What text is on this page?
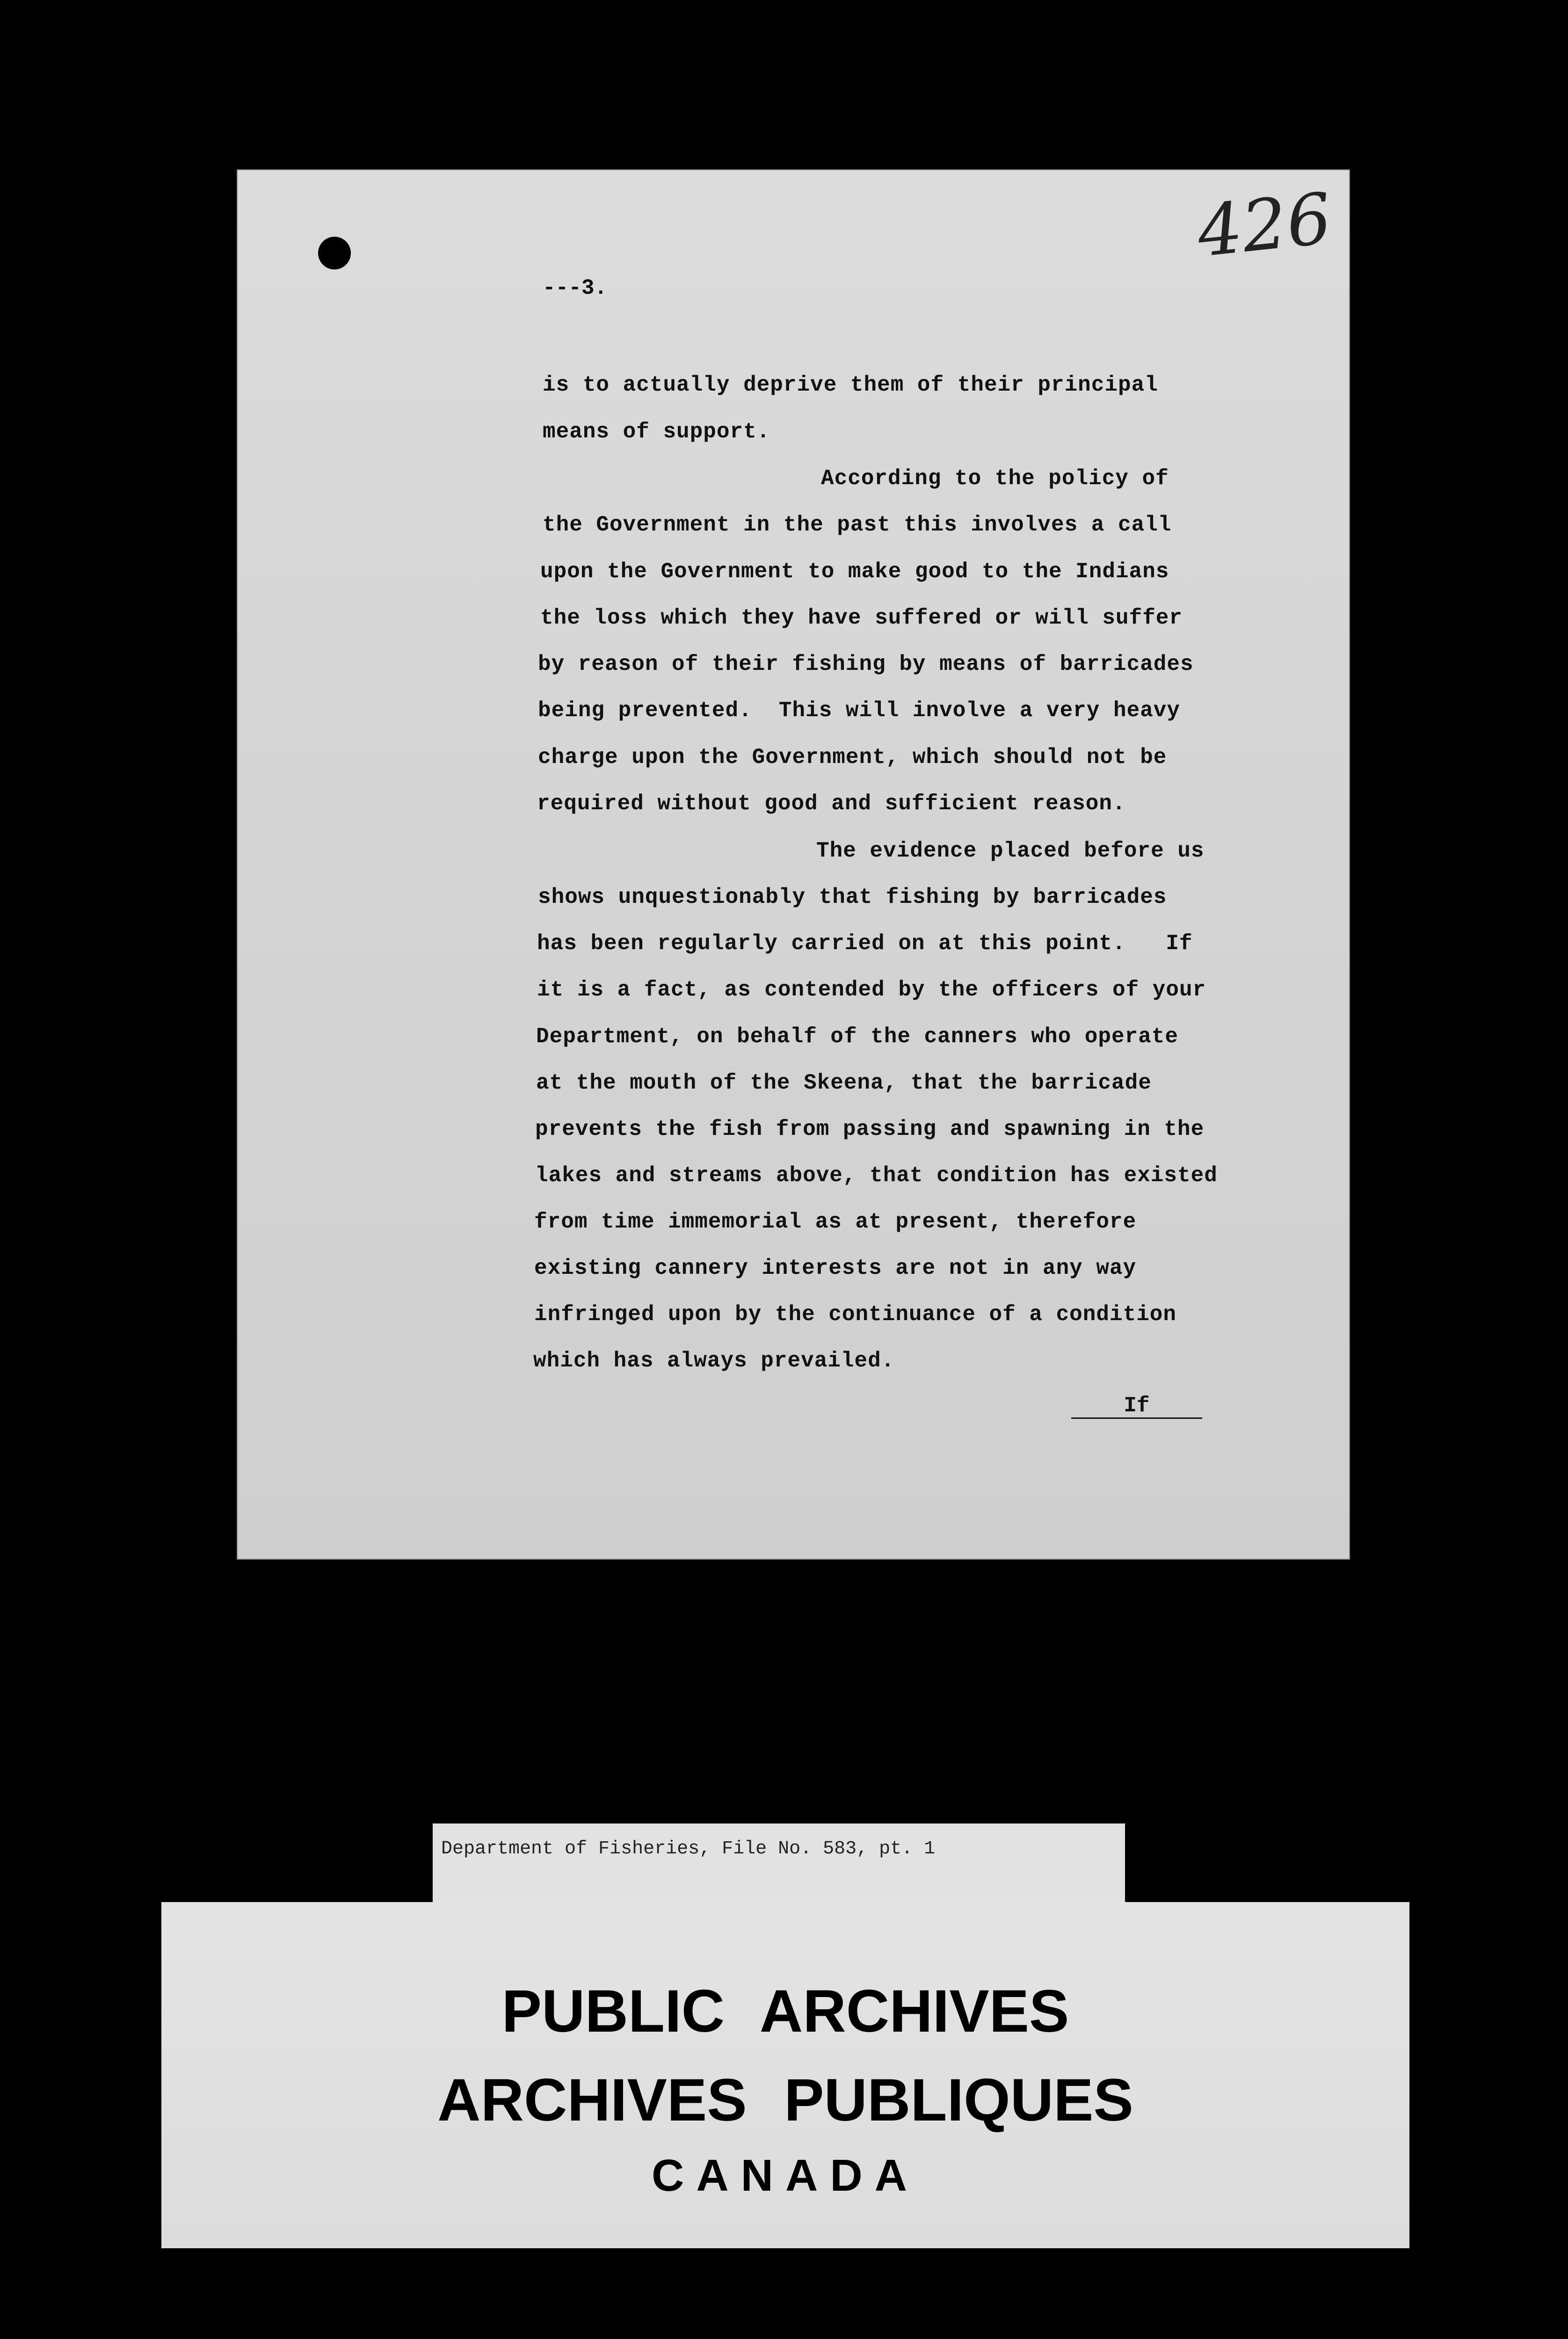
426
---3.
is to actually deprive them of their principal
means of support.
According to the policy of
the Government in the past this involves a call
upon the Government to make good to the Indians
the loss which they have suffered or will suffer
by reason of their fishing by means of barricades
being prevented.  This will involve a very heavy
charge upon the Government, which should not be
required without good and sufficient reason.
The evidence placed before us
shows unquestionably that fishing by barricades
has been regularly carried on at this point.   If
it is a fact, as contended by the officers of your
Department, on behalf of the canners who operate
at the mouth of the Skeena, that the barricade
prevents the fish from passing and spawning in the
lakes and streams above, that condition has existed
from time immemorial as at present, therefore
existing cannery interests are not in any way
infringed upon by the continuance of a condition
which has always prevailed.
If
Department of Fisheries, File No. 583, pt. 1
PUBLIC ARCHIVES
ARCHIVES PUBLIQUES
CANADA
